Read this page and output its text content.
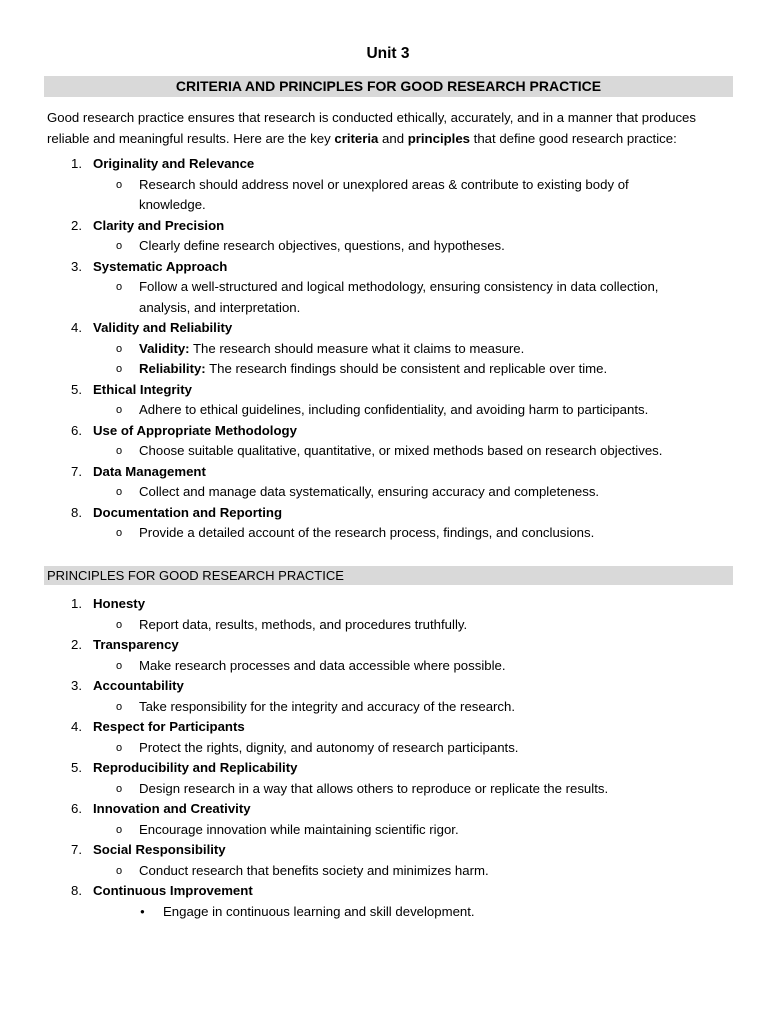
Unit 3
CRITERIA AND PRINCIPLES FOR GOOD RESEARCH PRACTICE
Good research practice ensures that research is conducted ethically, accurately, and in a manner that produces reliable and meaningful results. Here are the key criteria and principles that define good research practice:
1. Originality and Relevance
o Research should address novel or unexplored areas & contribute to existing body of knowledge.
2. Clarity and Precision
o Clearly define research objectives, questions, and hypotheses.
3. Systematic Approach
o Follow a well-structured and logical methodology, ensuring consistency in data collection, analysis, and interpretation.
4. Validity and Reliability
o Validity: The research should measure what it claims to measure.
o Reliability: The research findings should be consistent and replicable over time.
5. Ethical Integrity
o Adhere to ethical guidelines, including confidentiality, and avoiding harm to participants.
6. Use of Appropriate Methodology
o Choose suitable qualitative, quantitative, or mixed methods based on research objectives.
7. Data Management
o Collect and manage data systematically, ensuring accuracy and completeness.
8. Documentation and Reporting
o Provide a detailed account of the research process, findings, and conclusions.
PRINCIPLES FOR GOOD RESEARCH PRACTICE
1. Honesty
o Report data, results, methods, and procedures truthfully.
2. Transparency
o Make research processes and data accessible where possible.
3. Accountability
o Take responsibility for the integrity and accuracy of the research.
4. Respect for Participants
o Protect the rights, dignity, and autonomy of research participants.
5. Reproducibility and Replicability
o Design research in a way that allows others to reproduce or replicate the results.
6. Innovation and Creativity
o Encourage innovation while maintaining scientific rigor.
7. Social Responsibility
o Conduct research that benefits society and minimizes harm.
8. Continuous Improvement
● Engage in continuous learning and skill development.
